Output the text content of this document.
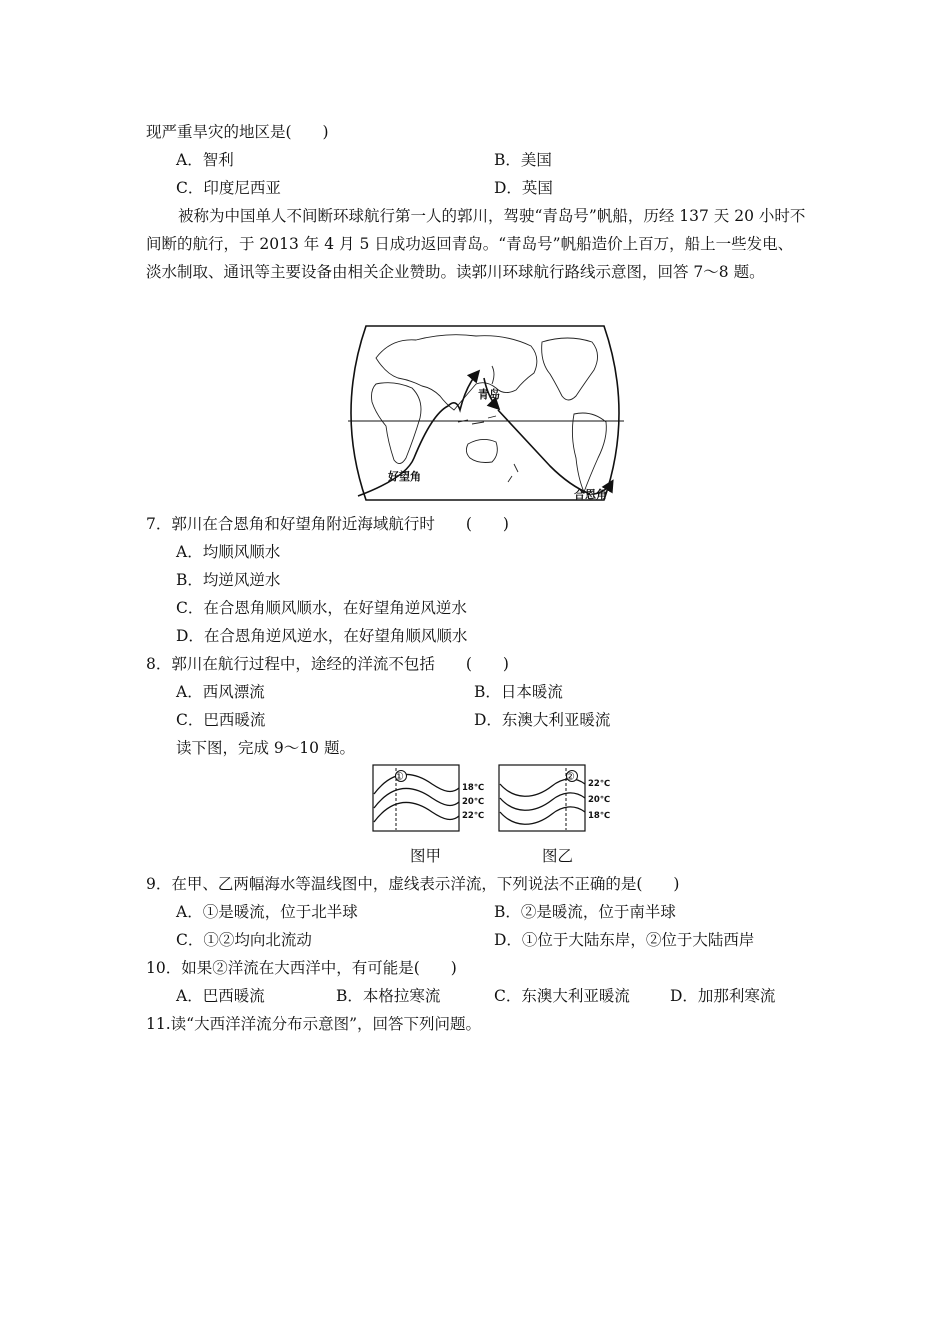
现严重旱灾的地区是(　　)
A．智利	B．美国
C．印度尼西亚	D．英国
被称为中国单人不间断环球航行第一人的郭川，驾驶“青岛号”帆船，历经 137 天 20 小时不间断的航行，于 2013 年 4 月 5 日成功返回青岛。“青岛号”帆船造价上百万，船上一些发电、淡水制取、通讯等主要设备由相关企业赞助。读郭川环球航行路线示意图，回答 7～8 题。
青岛
好望角
合恩角
7．郭川在合恩角和好望角附近海域航行时　　(　　)
A．均顺风顺水
B．均逆风逆水
C．在合恩角顺风顺水，在好望角逆风逆水
D．在合恩角逆风逆水，在好望角顺风顺水
8．郭川在航行过程中，途经的洋流不包括　　(　　)
A．西风漂流	B．日本暖流
C．巴西暖流	D．东澳大利亚暖流
读下图，完成 9～10 题。
①
18℃
20℃
22℃
②
22℃
20℃
18℃
图甲	图乙
9．在甲、乙两幅海水等温线图中，虚线表示洋流，下列说法不正确的是(　　)
A．①是暖流，位于北半球	B．②是暖流，位于南半球
C．①②均向北流动	D．①位于大陆东岸，②位于大陆西岸
10．如果②洋流在大西洋中，有可能是(　　)
A．巴西暖流	B．本格拉寒流	C．东澳大利亚暖流	D．加那利寒流
11.读“大西洋洋流分布示意图”，回答下列问题。
